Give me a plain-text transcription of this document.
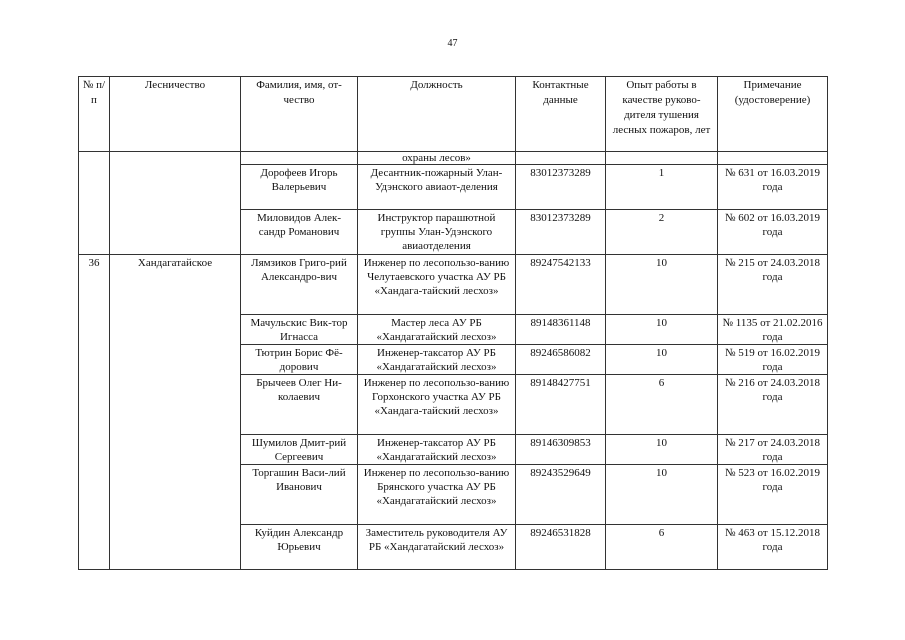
47
№ п/п	Лесничество	Фамилия, имя, от-чество	Должность	Контактные данные	Опыт работы в качестве руково-дителя тушения лесных пожаров, лет	Примечание (удостоверение)
			охраны лесов»			
		Дорофеев Игорь Валерьевич	Десантник-пожарный Улан-Удэнского авиаот-деления	83012373289	1	№ 631 от 16.03.2019 года
		Миловидов Алек-сандр Романович	Инструктор парашютной группы Улан-Удэнского авиаотделения	83012373289	2	№ 602 от 16.03.2019 года
36	Хандагатайское	Лямзиков Григо-рий Александро-вич	Инженер по лесопользо-ванию Челутаевского участка АУ РБ «Хандага-тайский лесхоз»	89247542133	10	№ 215 от 24.03.2018 года
		Мачульскис Вик-тор Игнасса	Мастер леса АУ РБ «Хандагатайский лесхоз»	89148361148	10	№ 1135 от 21.02.2016 года
		Тютрин Борис Фё-дорович	Инженер-таксатор АУ РБ «Хандагатайский лесхоз»	89246586082	10	№ 519 от 16.02.2019 года
		Брычеев Олег Ни-колаевич	Инженер по лесопользо-ванию Горхонского участка АУ РБ «Хандага-тайский лесхоз»	89148427751	6	№ 216 от 24.03.2018 года
		Шумилов Дмит-рий Сергеевич	Инженер-таксатор АУ РБ «Хандагатайский лесхоз»	89146309853	10	№ 217 от 24.03.2018 года
		Торгашин Васи-лий Иванович	Инженер по лесопользо-ванию Брянского участка АУ РБ «Хандагатайский лесхоз»	89243529649	10	№ 523 от 16.02.2019 года
		Куйдин Александр Юрьевич	Заместитель руководителя АУ РБ «Хандагатайский лесхоз»	89246531828	6	№ 463 от 15.12.2018 года
